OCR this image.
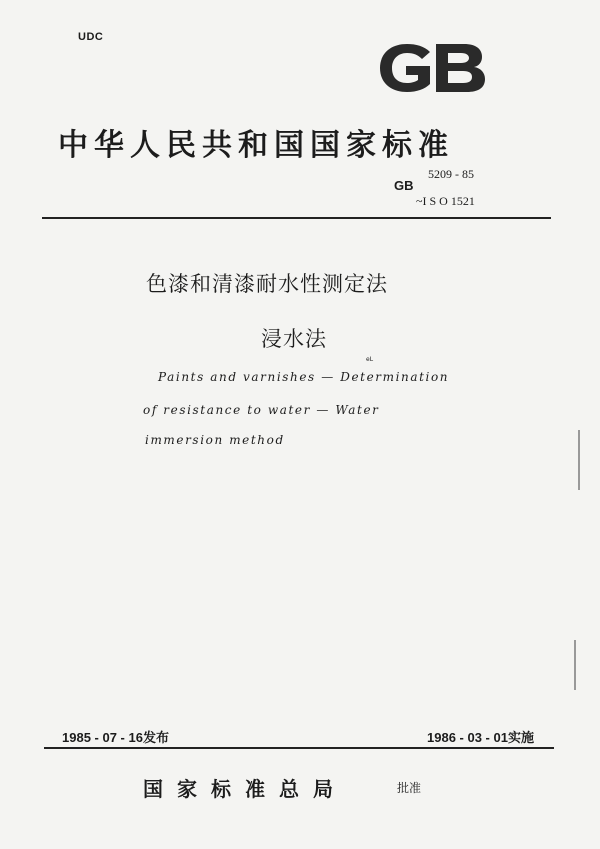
UDC
中华人民共和国国家标准
GB
5209 - 85
~I S O 1521
色漆和清漆耐水性测定法
浸水法
eL
Paints and varnishes — Determination
of resistance to water — Water
immersion method
1985 - 07 - 16发布	1986 - 03 - 01实施
国家标准总局	批准
